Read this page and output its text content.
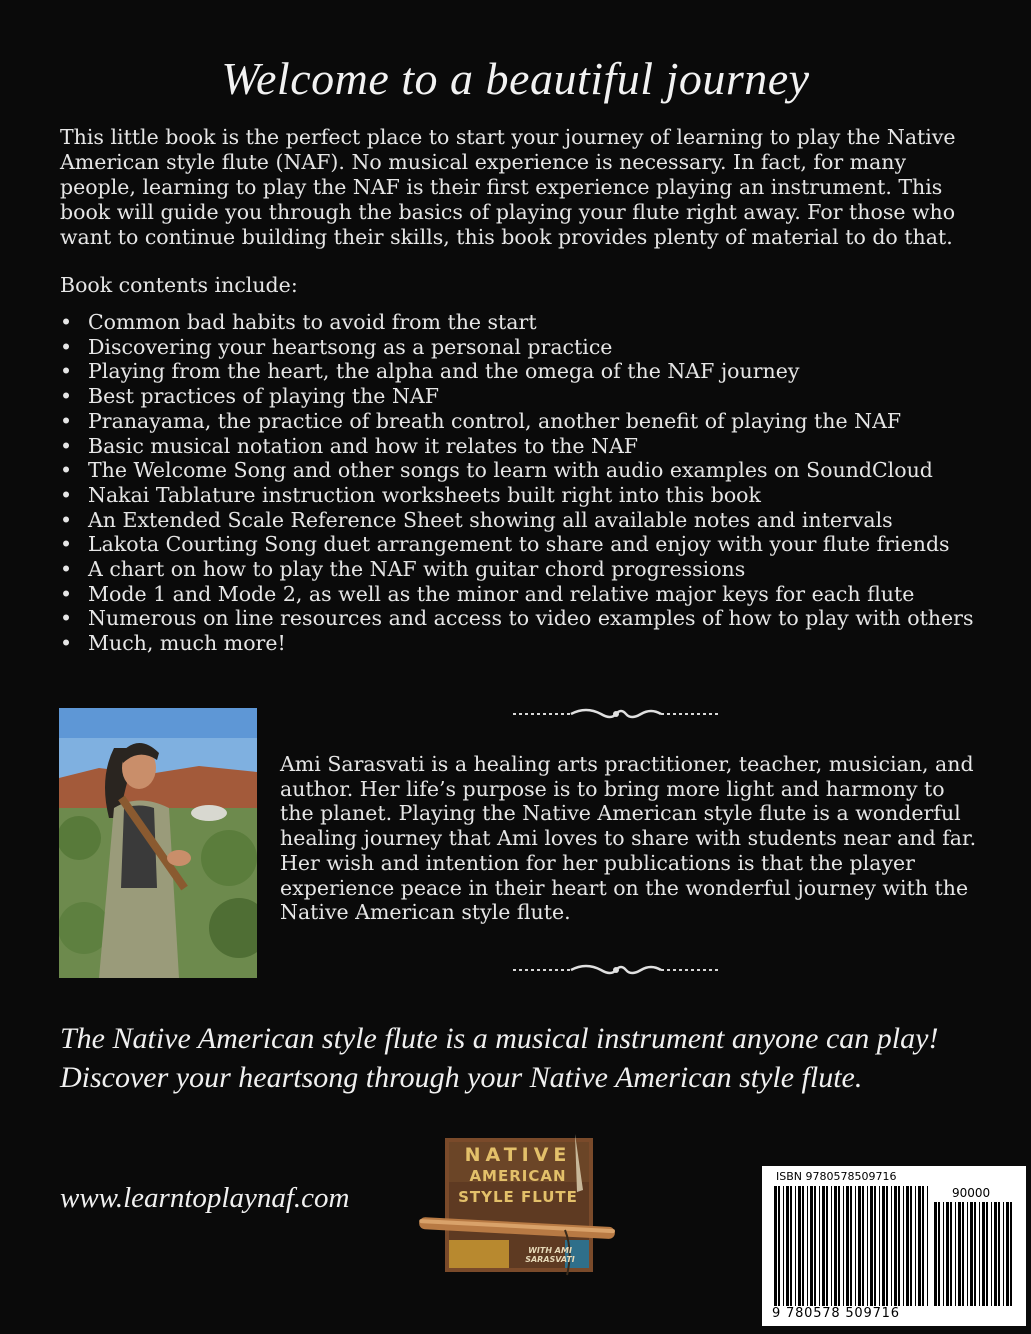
Welcome to a beautiful journey

This little book is the perfect place to start your journey of learning to play the Native American style flute (NAF). No musical experience is necessary. In fact, for many people, learning to play the NAF is their first experience playing an instrument. This book will guide you through the basics of playing your flute right away. For those who want to continue building their skills, this book provides plenty of material to do that.

Book contents include:
• Common bad habits to avoid from the start
• Discovering your heartsong as a personal practice
• Playing from the heart, the alpha and the omega of the NAF journey
• Best practices of playing the NAF
• Pranayama, the practice of breath control, another benefit of playing the NAF
• Basic musical notation and how it relates to the NAF
• The Welcome Song and other songs to learn with audio examples on SoundCloud
• Nakai Tablature instruction worksheets built right into this book
• An Extended Scale Reference Sheet showing all available notes and intervals
• Lakota Courting Song duet arrangement to share and enjoy with your flute friends
• A chart on how to play the NAF with guitar chord progressions
• Mode 1 and Mode 2, as well as the minor and relative major keys for each flute
• Numerous on line resources and access to video examples of how to play with others
• Much, much more!
Ami Sarasvati is a healing arts practitioner, teacher, musician, and author. Her life’s purpose is to bring more light and harmony to the planet. Playing the Native American style flute is a wonderful healing journey that Ami loves to share with students near and far. Her wish and intention for her publications is that the player experience peace in their heart on the wonderful journey with the Native American style flute.
The Native American style flute is a musical instrument anyone can play! Discover your heartsong through your Native American style flute.
www.learntoplaynaf.com
NATIVE
AMERICAN
STYLE FLUTE
WITH AMI
SARASVATI
ISBN 9780578509716
90000
9 780578 509716
